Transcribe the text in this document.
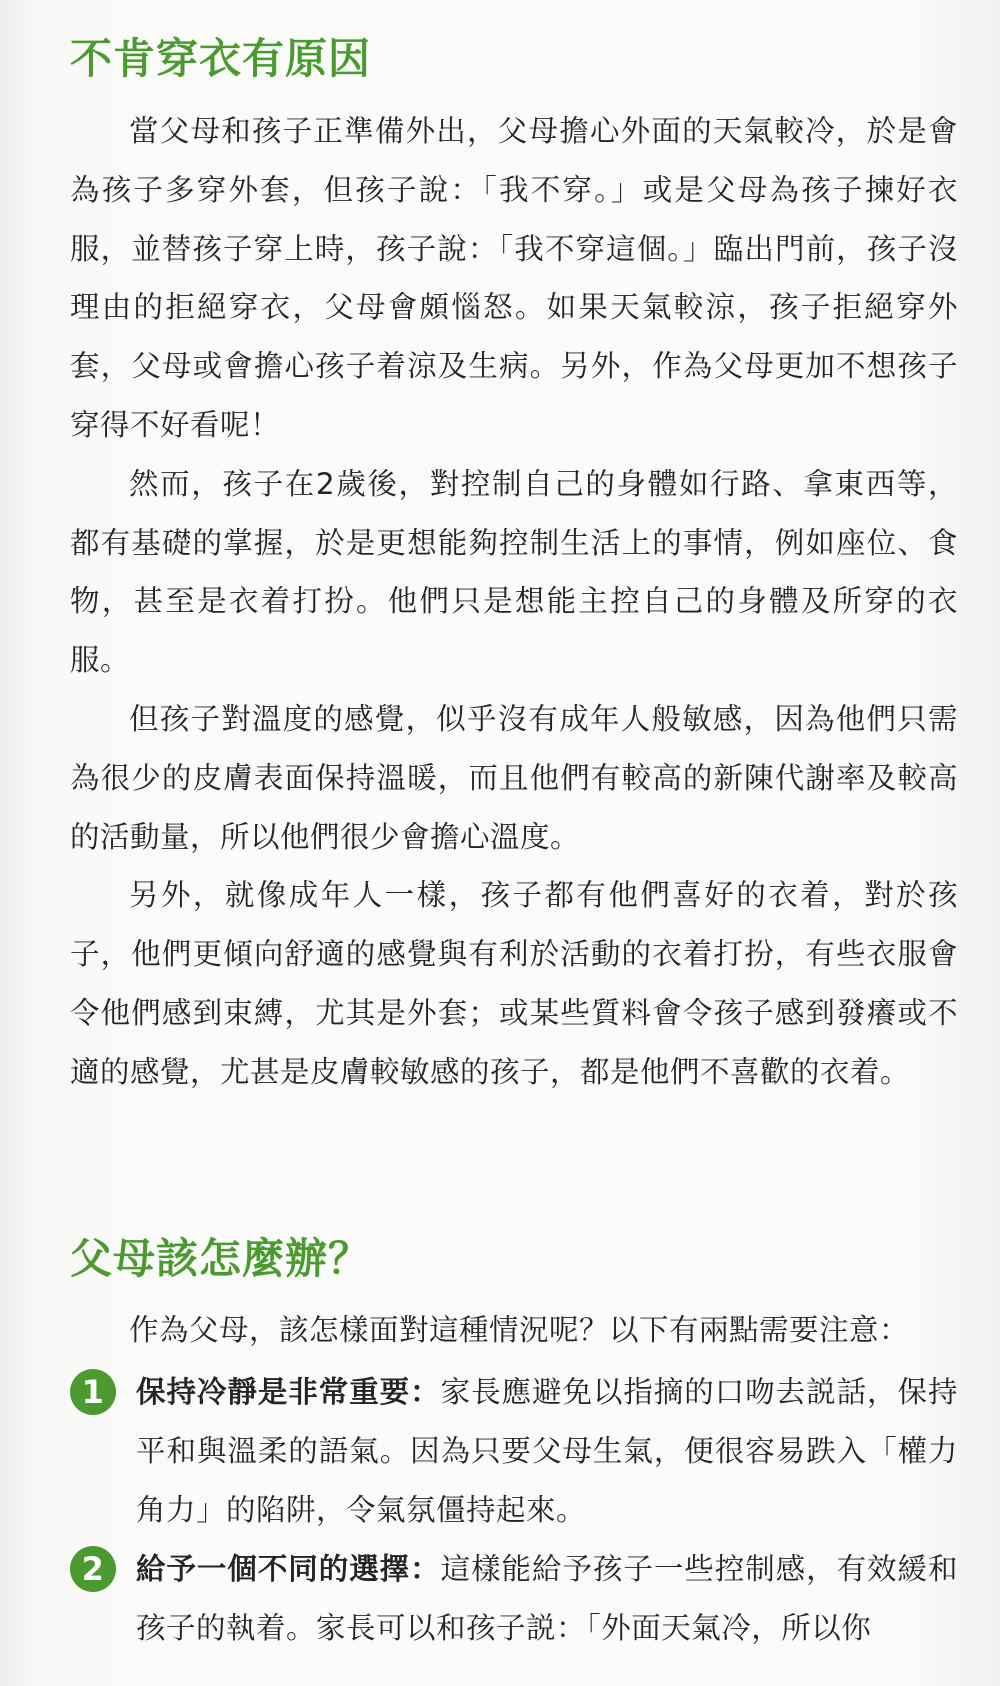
不肯穿衣有原因

當父母和孩子正準備外出，父母擔心外面的天氣較冷，於是會為孩子多穿外套，但孩子說：「我不穿。」或是父母為孩子揀好衣服，並替孩子穿上時，孩子說：「我不穿這個。」臨出門前，孩子沒理由的拒絕穿衣，父母會頗惱怒。如果天氣較涼，孩子拒絕穿外套，父母或會擔心孩子着涼及生病。另外，作為父母更加不想孩子穿得不好看呢！

然而，孩子在2歲後，對控制自己的身體如行路、拿東西等，都有基礎的掌握，於是更想能夠控制生活上的事情，例如座位、食物，甚至是衣着打扮。他們只是想能主控自己的身體及所穿的衣服。

但孩子對溫度的感覺，似乎沒有成年人般敏感，因為他們只需為很少的皮膚表面保持溫暖，而且他們有較高的新陳代謝率及較高的活動量，所以他們很少會擔心溫度。

另外，就像成年人一樣，孩子都有他們喜好的衣着，對於孩子，他們更傾向舒適的感覺與有利於活動的衣着打扮，有些衣服會令他們感到束縛，尤其是外套；或某些質料會令孩子感到發癢或不適的感覺，尤甚是皮膚較敏感的孩子，都是他們不喜歡的衣着。

父母該怎麼辦？

作為父母，該怎樣面對這種情況呢？以下有兩點需要注意：

1	保持冷靜是非常重要：家長應避免以指摘的口吻去説話，保持平和與溫柔的語氣。因為只要父母生氣，便很容易跌入「權力角力」的陷阱，令氣氛僵持起來。
2	給予一個不同的選擇：這樣能給予孩子一些控制感，有效緩和孩子的執着。家長可以和孩子説：「外面天氣冷，所以你
